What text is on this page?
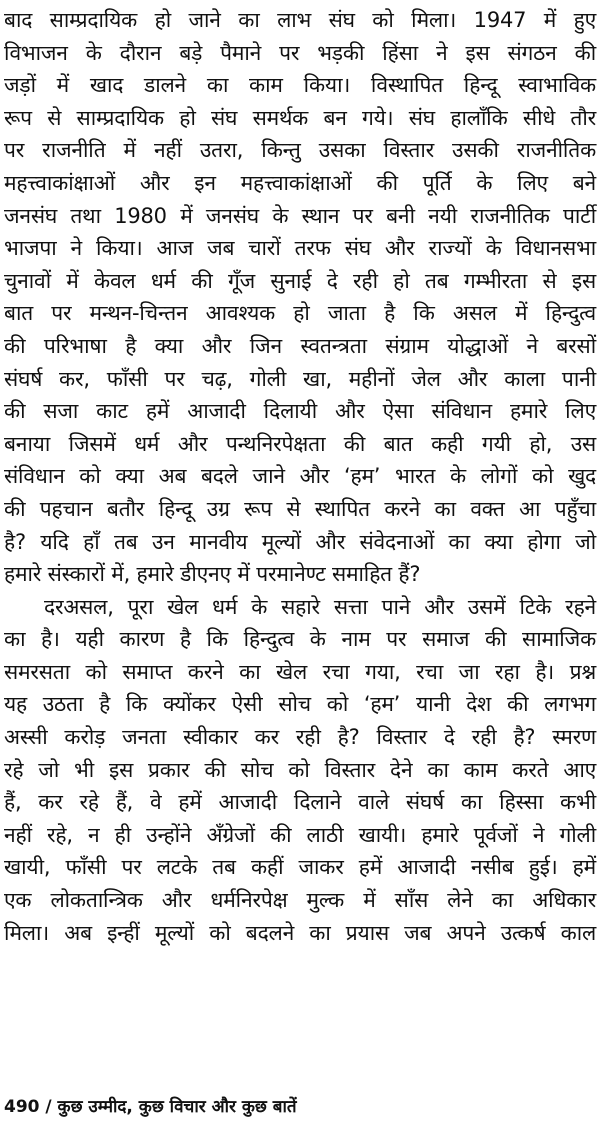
बाद साम्प्रदायिक हो जाने का लाभ संघ को मिला। 1947 में हुए
विभाजन के दौरान बड़े पैमाने पर भड़की हिंसा ने इस संगठन की
जड़ों में खाद डालने का काम किया। विस्थापित हिन्दू स्वाभाविक
रूप से साम्प्रदायिक हो संघ समर्थक बन गये। संघ हालाँकि सीधे तौर
पर राजनीति में नहीं उतरा, किन्तु उसका विस्तार उसकी राजनीतिक
महत्त्वाकांक्षाओं और इन महत्त्वाकांक्षाओं की पूर्ति के लिए बने
जनसंघ तथा 1980 में जनसंघ के स्थान पर बनी नयी राजनीतिक पार्टी
भाजपा ने किया। आज जब चारों तरफ संघ और राज्यों के विधानसभा
चुनावों में केवल धर्म की गूँज सुनाई दे रही हो तब गम्भीरता से इस
बात पर मन्थन-चिन्तन आवश्यक हो जाता है कि असल में हिन्दुत्व
की परिभाषा है क्या और जिन स्वतन्त्रता संग्राम योद्धाओं ने बरसों
संघर्ष कर, फाँसी पर चढ़, गोली खा, महीनों जेल और काला पानी
की सजा काट हमें आजादी दिलायी और ऐसा संविधान हमारे लिए
बनाया जिसमें धर्म और पन्थनिरपेक्षता की बात कही गयी हो, उस
संविधान को क्या अब बदले जाने और ‘हम’ भारत के लोगों को खुद
की पहचान बतौर हिन्दू उग्र रूप से स्थापित करने का वक्त आ पहुँचा
है? यदि हाँ तब उन मानवीय मूल्यों और संवेदनाओं का क्या होगा जो
हमारे संस्कारों में, हमारे डीएनए में परमानेण्ट समाहित हैं?
दरअसल, पूरा खेल धर्म के सहारे सत्ता पाने और उसमें टिके रहने
का है। यही कारण है कि हिन्दुत्व के नाम पर समाज की सामाजिक
समरसता को समाप्त करने का खेल रचा गया, रचा जा रहा है। प्रश्न
यह उठता है कि क्योंकर ऐसी सोच को ‘हम’ यानी देश की लगभग
अस्सी करोड़ जनता स्वीकार कर रही है? विस्तार दे रही है? स्मरण
रहे जो भी इस प्रकार की सोच को विस्तार देने का काम करते आए
हैं, कर रहे हैं, वे हमें आजादी दिलाने वाले संघर्ष का हिस्सा कभी
नहीं रहे, न ही उन्होंने अँग्रेजों की लाठी खायी। हमारे पूर्वजों ने गोली
खायी, फाँसी पर लटके तब कहीं जाकर हमें आजादी नसीब हुई। हमें
एक लोकतान्त्रिक और धर्मनिरपेक्ष मुल्क में साँस लेने का अधिकार
मिला। अब इन्हीं मूल्यों को बदलने का प्रयास जब अपने उत्कर्ष काल
490 / कुछ उम्मीद, कुछ विचार और कुछ बातें
